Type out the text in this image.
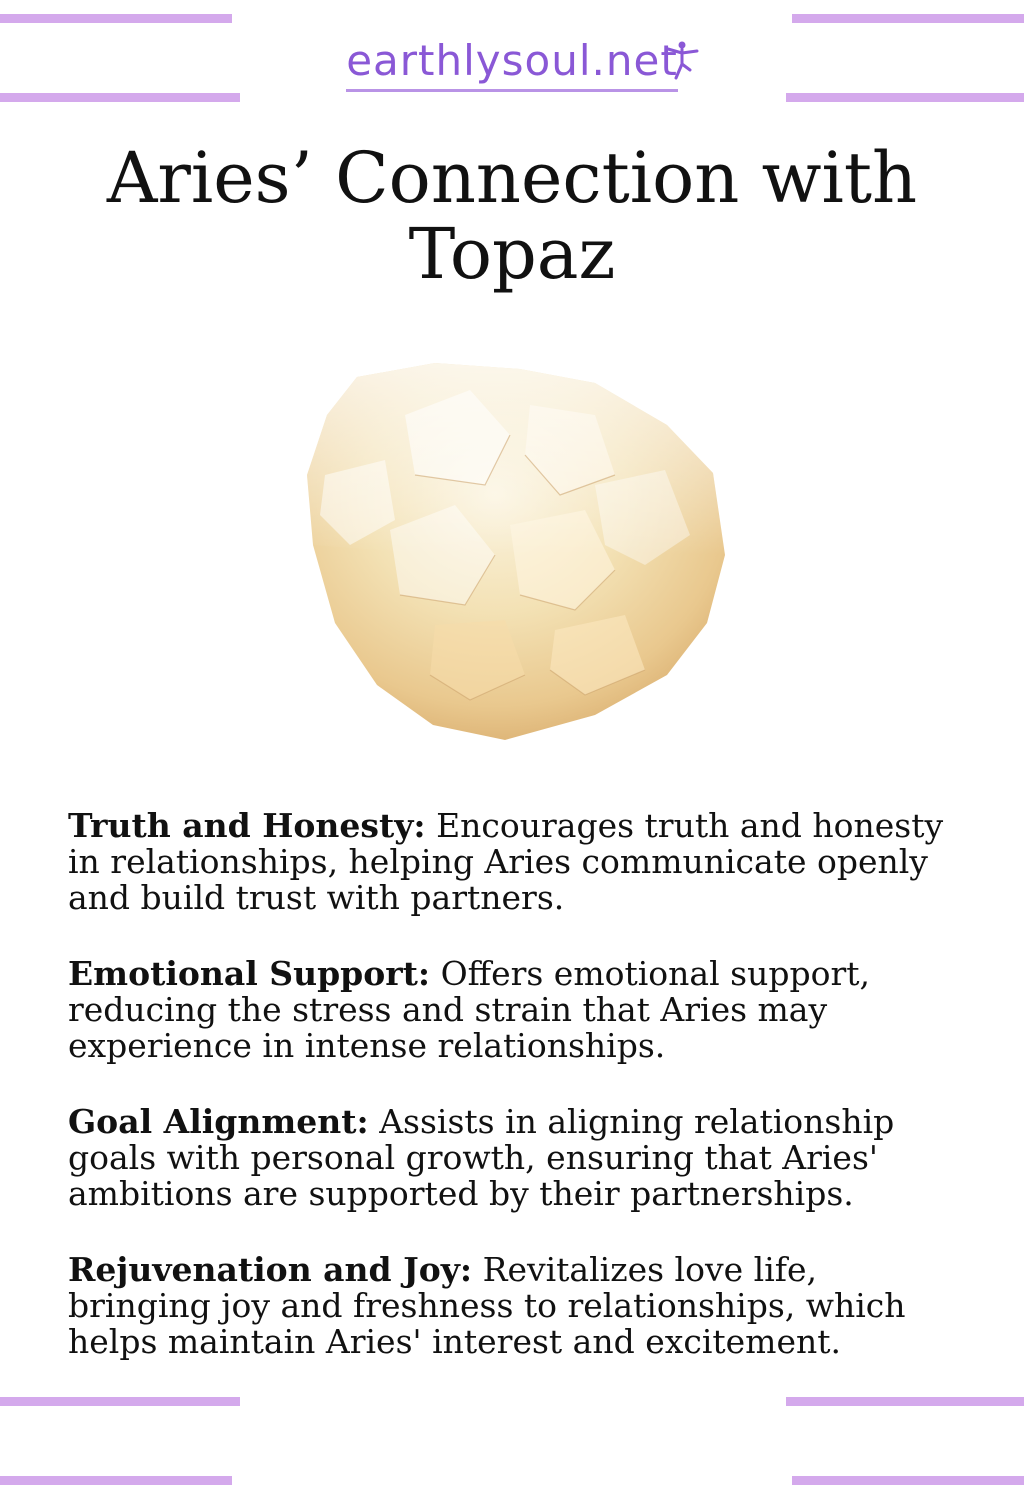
earthlysoul.net
Aries’ Connection with Topaz

Truth and Honesty: Encourages truth and honesty in relationships, helping Aries communicate openly and build trust with partners.

Emotional Support: Offers emotional support, reducing the stress and strain that Aries may experience in intense relationships.

Goal Alignment: Assists in aligning relationship goals with personal growth, ensuring that Aries' ambitions are supported by their partnerships.

Rejuvenation and Joy: Revitalizes love life, bringing joy and freshness to relationships, which helps maintain Aries' interest and excitement.
